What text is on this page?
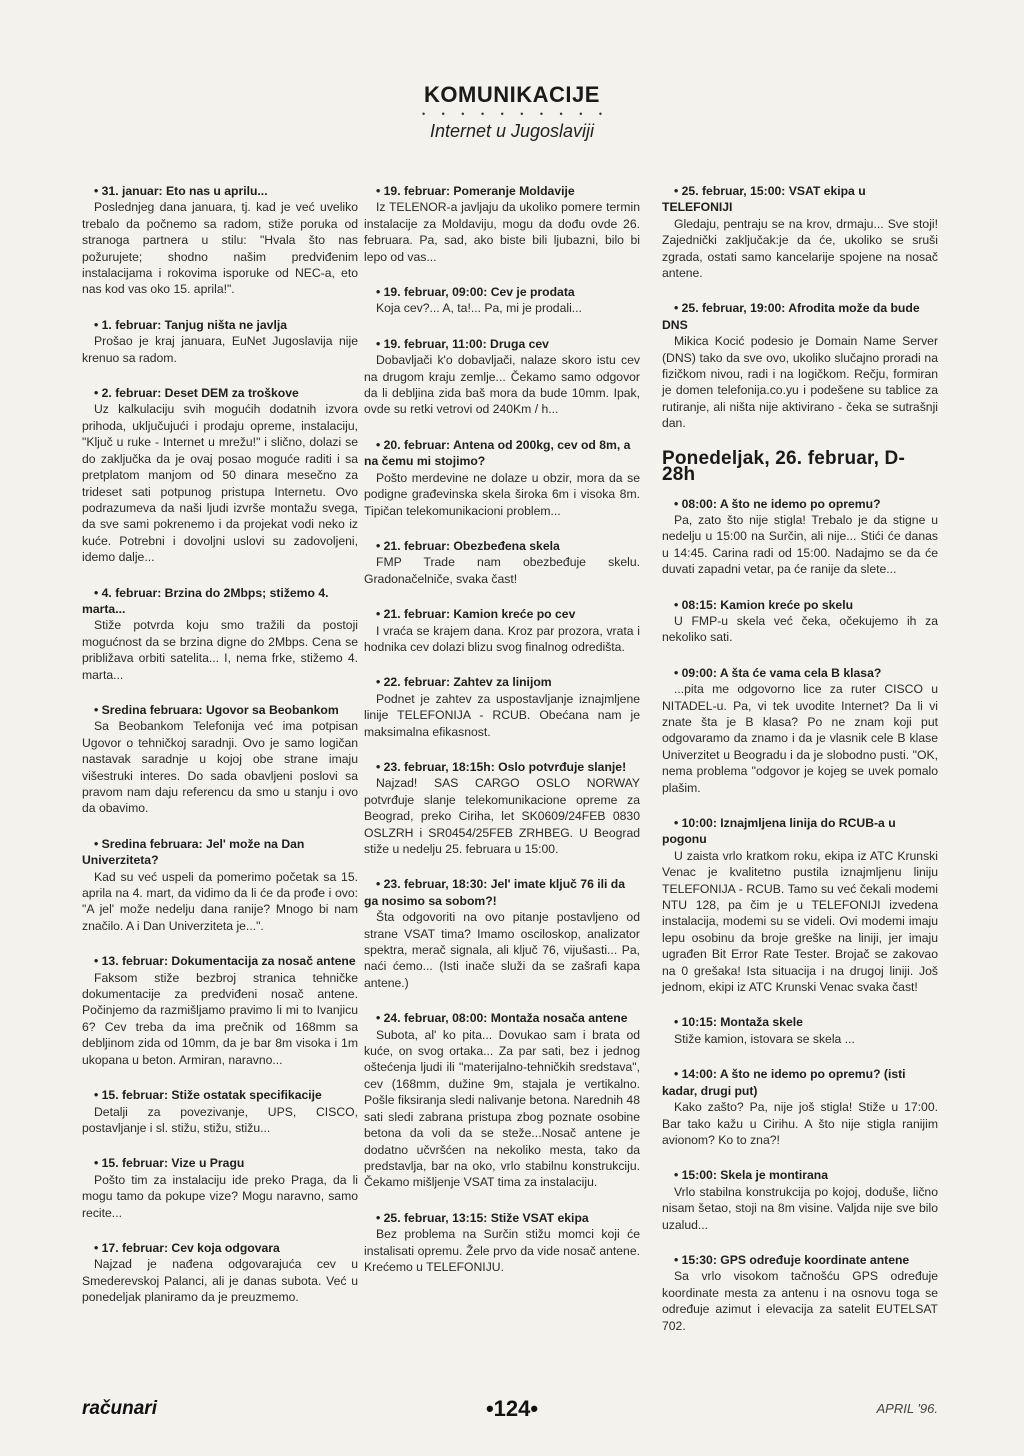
KOMUNIKACIJE
• • • • • • • • • •
Internet u Jugoslaviji
• 31. januar: Eto nas u aprilu...
Poslednjeg dana januara, tj. kad je već uveliko trebalo da počnemo sa radom, stiže poruka od stranoga partnera u stilu: "Hvala što nas požurujete; shodno našim predviđenim instalacijama i rokovima isporuke od NEC-a, eto nas kod vas oko 15. aprila!".
• 1. februar: Tanjug ništa ne javlja
Prošao je kraj januara, EuNet Jugoslavija nije krenuo sa radom.
• 2. februar: Deset DEM za troškove
Uz kalkulaciju svih mogućih dodatnih izvora prihoda, uključujući i prodaju opreme, instalaciju, "Ključ u ruke - Internet u mrežu!" i slično, dolazi se do zaključka da je ovaj posao moguće raditi i sa pretplatom manjom od 50 dinara mesečno za trideset sati potpunog pristupa Internetu. Ovo podrazumeva da naši ljudi izvrše montažu svega, da sve sami pokrenemo i da projekat vodi neko iz kuće. Potrebni i dovoljni uslovi su zadovoljeni, idemo dalje...
• 4. februar: Brzina do 2Mbps; stižemo 4. marta...
Stiže potvrda koju smo tražili da postoji mogućnost da se brzina digne do 2Mbps. Cena se približava orbiti satelita... I, nema frke, stižemo 4. marta...
• Sredina februara: Ugovor sa Beobankom
Sa Beobankom Telefonija već ima potpisan Ugovor o tehničkoj saradnji. Ovo je samo logičan nastavak saradnje u kojoj obe strane imaju višestruki interes. Do sada obavljeni poslovi sa pravom nam daju referencu da smo u stanju i ovo da obavimo.
• Sredina februara: Jel' može na Dan Univerziteta?
Kad su već uspeli da pomerimo početak sa 15. aprila na 4. mart, da vidimo da li će da prođe i ovo: "A jel' može nedelju dana ranije? Mnogo bi nam značilo. A i Dan Univerziteta je...".
• 13. februar: Dokumentacija za nosač antene
Faksom stiže bezbroj stranica tehničke dokumentacije za predviđeni nosač antene. Počinjemo da razmišljamo pravimo li mi to Ivanjicu 6? Cev treba da ima prečnik od 168mm sa debljinom zida od 10mm, da je bar 8m visoka i 1m ukopana u beton. Armiran, naravno...
• 15. februar: Stiže ostatak specifikacije
Detalji za povezivanje, UPS, CISCO, postavljanje i sl. stižu, stižu, stižu...
• 15. februar: Vize u Pragu
Pošto tim za instalaciju ide preko Praga, da li mogu tamo da pokupe vize? Mogu naravno, samo recite...
• 17. februar: Cev koja odgovara
Najzad je nađena odgovarajuća cev u Smederevskoj Palanci, ali je danas subota. Već u ponedeljak planiramo da je preuzmemo.
• 19. februar: Pomeranje Moldavije
Iz TELENOR-a javljaju da ukoliko pomere termin instalacije za Moldaviju, mogu da dođu ovde 26. februara. Pa, sad, ako biste bili ljubazni, bilo bi lepo od vas...
• 19. februar, 09:00: Cev je prodata
Koja cev?... A, ta!... Pa, mi je prodali...
• 19. februar, 11:00: Druga cev
Dobavljači k'o dobavljači, nalaze skoro istu cev na drugom kraju zemlje... Čekamo samo odgovor da li debljina zida baš mora da bude 10mm. Ipak, ovde su retki vetrovi od 240Km / h...
• 20. februar: Antena od 200kg, cev od 8m, a na čemu mi stojimo?
Pošto merdevine ne dolaze u obzir, mora da se podigne građevinska skela široka 6m i visoka 8m. Tipičan telekomunikacioni problem...
• 21. februar: Obezbeđena skela
FMP Trade nam obezbeđuje skelu. Gradonačelniče, svaka čast!
• 21. februar: Kamion kreće po cev
I vraća se krajem dana. Kroz par prozora, vrata i hodnika cev dolazi blizu svog finalnog odredišta.
• 22. februar: Zahtev za linijom
Podnet je zahtev za uspostavljanje iznajmljene linije TELEFONIJA - RCUB. Obećana nam je maksimalna efikasnost.
• 23. februar, 18:15h: Oslo potvrđuje slanje!
Najzad! SAS CARGO OSLO NORWAY potvrđuje slanje telekomunikacione opreme za Beograd, preko Ciriha, let SK0609/24FEB 0830 OSLZRH i SR0454/25FEB ZRHBEG. U Beograd stiže u nedelju 25. februara u 15:00.
• 23. februar, 18:30: Jel' imate ključ 76 ili da ga nosimo sa sobom?!
Šta odgovoriti na ovo pitanje postavljeno od strane VSAT tima? Imamo osciloskop, analizator spektra, merač signala, ali ključ 76, vijušasti... Pa, naći ćemo... (Isti inače služi da se zašrafi kapa antene.)
• 24. februar, 08:00: Montaža nosača antene
Subota, al' ko pita... Dovukao sam i brata od kuće, on svog ortaka... Za par sati, bez i jednog oštećenja ljudi ili "materijalno-tehničkih sredstava", cev (168mm, dužine 9m, stajala je vertikalno. Pošle fiksiranja sledi nalivanje betona. Narednih 48 sati sledi zabrana pristupa zbog poznate osobine betona da voli da se steže...Nosač antene je dodatno učvršćen na nekoliko mesta, tako da predstavlja, bar na oko, vrlo stabilnu konstrukciju. Čekamo mišljenje VSAT tima za instalaciju.
• 25. februar, 13:15: Stiže VSAT ekipa
Bez problema na Surčin stižu momci koji će instalisati opremu. Žele prvo da vide nosač antene. Krećemo u TELEFONIJU.
• 25. februar, 15:00: VSAT ekipa u TELEFONIJI
Gledaju, pentraju se na krov, drmaju... Sve stoji! Zajednički zaključak:je da će, ukoliko se sruši zgrada, ostati samo kancelarije spojene na nosač antene.
• 25. februar, 19:00: Afrodita može da bude DNS
Mikica Kocić podesio je Domain Name Server (DNS) tako da sve ovo, ukoliko slučajno proradi na fizičkom nivou, radi i na logičkom. Rečju, formiran je domen telefonija.co.yu i podešene su tablice za rutiranje, ali ništa nije aktivirano - čeka se sutrašnji dan.
Ponedeljak, 26. februar, D-28h
• 08:00: A što ne idemo po opremu?
Pa, zato što nije stigla! Trebalo je da stigne u nedelju u 15:00 na Surčin, ali nije... Stići će danas u 14:45. Carina radi od 15:00. Nadajmo se da će duvati zapadni vetar, pa će ranije da slete...
• 08:15: Kamion kreće po skelu
U FMP-u skela već čeka, očekujemo ih za nekoliko sati.
• 09:00: A šta će vama cela B klasa?
...pita me odgovorno lice za ruter CISCO u NITADEL-u. Pa, vi tek uvodite Internet? Da li vi znate šta je B klasa? Po ne znam koji put odgovaramo da znamo i da je vlasnik cele B klase Univerzitet u Beogradu i da je slobodno pusti. "OK, nema problema "odgovor je kojeg se uvek pomalo plašim.
• 10:00: Iznajmljena linija do RCUB-a u pogonu
U zaista vrlo kratkom roku, ekipa iz ATC Krunski Venac je kvalitetno pustila iznajmljenu liniju TELEFONIJA - RCUB. Tamo su već čekali modemi NTU 128, pa čim je u TELEFONIJI izvedena instalacija, modemi su se videli. Ovi modemi imaju lepu osobinu da broje greške na liniji, jer imaju ugrađen Bit Error Rate Tester. Brojač se zakovao na 0 grešaka! Ista situacija i na drugoj liniji. Još jednom, ekipi iz ATC Krunski Venac svaka čast!
• 10:15: Montaža skele
Stiže kamion, istovara se skela ...
• 14:00: A što ne idemo po opremu? (isti kadar, drugi put)
Kako zašto? Pa, nije još stigla! Stiže u 17:00. Bar tako kažu u Cirihu. A što nije stigla ranijim avionom? Ko to zna?!
• 15:00: Skela je montirana
Vrlo stabilna konstrukcija po kojoj, doduše, lično nisam šetao, stoji na 8m visine. Valjda nije sve bilo uzalud...
• 15:30: GPS određuje koordinate antene
Sa vrlo visokom tačnošću GPS određuje koordinate mesta za antenu i na osnovu toga se određuje azimut i elevacija za satelit EUTELSAT 702.
računari	•124•	APRIL '96.
